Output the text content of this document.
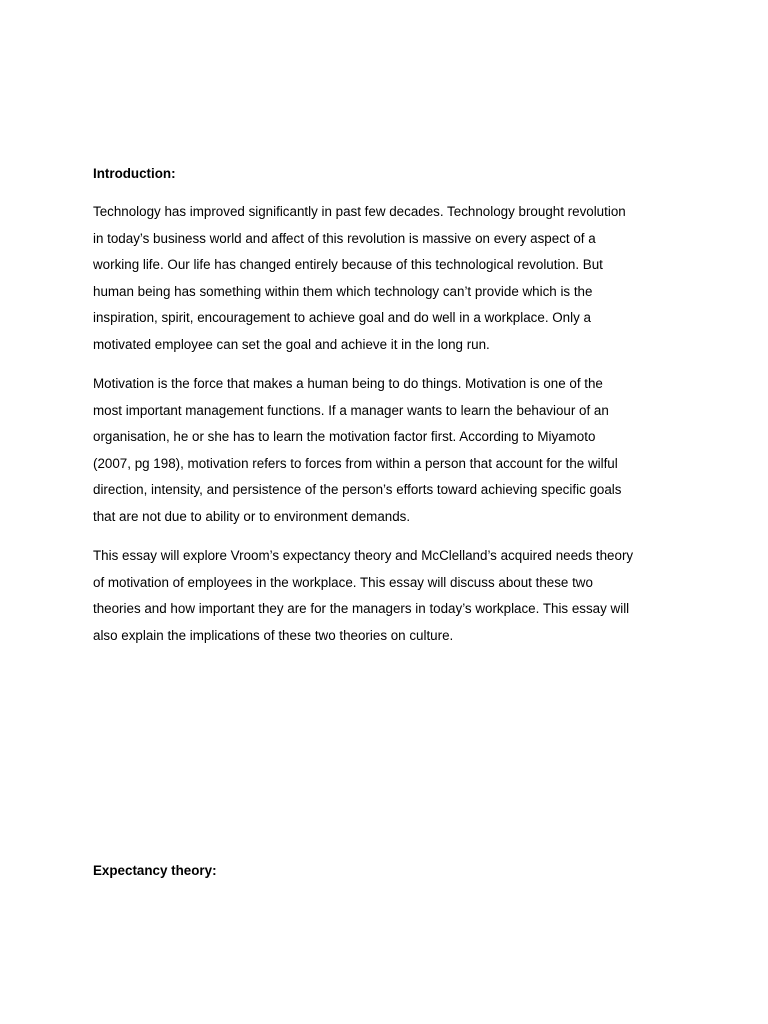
Introduction:
Technology has improved significantly in past few decades. Technology brought revolution
in today’s business world and affect of this revolution is massive on every aspect of a
working life. Our life has changed entirely because of this technological revolution. But
human being has something within them which technology can’t provide which is the
inspiration, spirit, encouragement to achieve goal and do well in a workplace. Only a
motivated employee can set the goal and achieve it in the long run.
Motivation is the force that makes a human being to do things. Motivation is one of the
most important management functions. If a manager wants to learn the behaviour of an
organisation, he or she has to learn the motivation factor first. According to Miyamoto
(2007, pg 198), motivation refers to forces from within a person that account for the wilful
direction, intensity, and persistence of the person’s efforts toward achieving specific goals
that are not due to ability or to environment demands.
This essay will explore Vroom’s expectancy theory and McClelland’s acquired needs theory
of motivation of employees in the workplace. This essay will discuss about these two
theories and how important they are for the managers in today’s workplace. This essay will
also explain the implications of these two theories on culture.
Expectancy theory:
